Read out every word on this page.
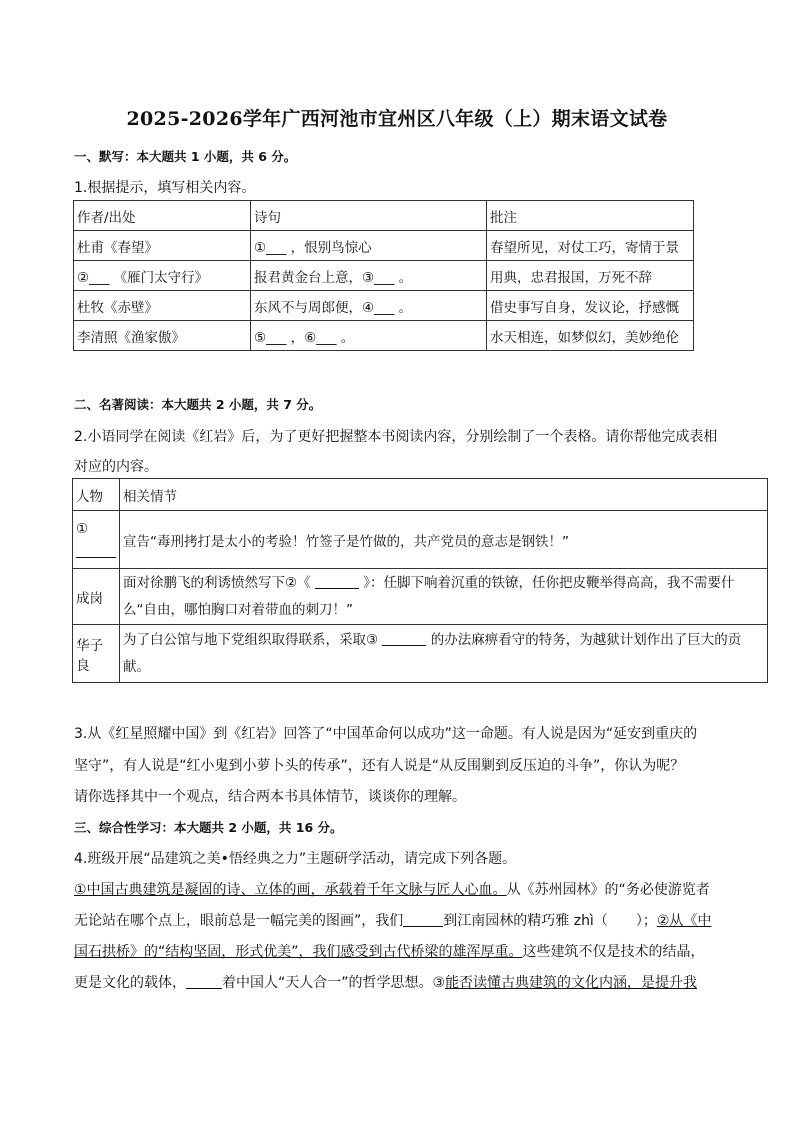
2025-2026学年广西河池市宜州区八年级（上）期末语文试卷
一、默写：本大题共 1 小题，共 6 分。
1.根据提示，填写相关内容。
作者/出处	诗句	批注
杜甫《春望》	①___ ，恨别鸟惊心	春望所见，对仗工巧，寄情于景
②___ 《雁门太守行》	报君黄金台上意，③___ 。	用典，忠君报国，万死不辞
杜牧《赤壁》	东风不与周郎便，④___ 。	借史事写自身，发议论，抒感慨
李清照《渔家傲》	⑤___ ，⑥___ 。	水天相连，如梦似幻，美妙绝伦
二、名著阅读：本大题共 2 小题，共 7 分。
2.小语同学在阅读《红岩》后，为了更好把握整本书阅读内容，分别绘制了一个表格。请你帮他完成表相
对应的内容。
人物	相关情节

①	宣告“毒刑拷打是太小的考验！竹签子是竹做的，共产党员的意志是钢铁！”
成岗	面对徐鹏飞的利诱愤然写下②《 》：任脚下响着沉重的铁镣，任你把皮鞭举得高高，我不需要什
么“自由，哪怕胸口对着带血的刺刀！”
华子良	为了白公馆与地下党组织取得联系，采取③ 的办法麻痹看守的特务，为越狱计划作出了巨大的贡
献。
3.从《红星照耀中国》到《红岩》回答了“中国革命何以成功”这一命题。有人说是因为“延安到重庆的
坚守”，有人说是“红小鬼到小萝卜头的传承”，还有人说是“从反围剿到反压迫的斗争”，你认为呢？
请你选择其中一个观点，结合两本书具体情节，谈谈你的理解。
三、综合性学习：本大题共 2 小题，共 16 分。
4.班级开展“品建筑之美•悟经典之力”主题研学活动，请完成下列各题。
①中国古典建筑是凝固的诗、立体的画，承载着千年文脉与匠人心血。从《苏州园林》的“务必使游览者
无论站在哪个点上，眼前总是一幅完美的图画”，我们	到江南园林的精巧雅 zhì（　　）；②从《中
国石拱桥》的“结构坚固，形式优美”，我们感受到古代桥梁的雄浑厚重。这些建筑不仅是技术的结晶，
更是文化的载体，	着中国人“天人合一”的哲学思想。③能否读懂古典建筑的文化内涵，是提升我
